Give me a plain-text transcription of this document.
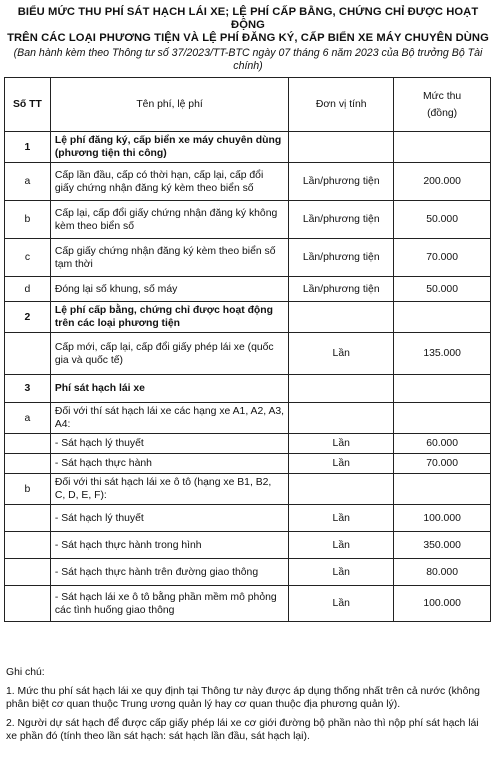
BIỂU MỨC THU PHÍ SÁT HẠCH LÁI XE; LỆ PHÍ CẤP BẰNG, CHỨNG CHỈ ĐƯỢC HOẠT ĐỘNG
TRÊN CÁC LOẠI PHƯƠNG TIỆN VÀ LỆ PHÍ ĐĂNG KÝ, CẤP BIỂN XE MÁY CHUYÊN DÙNG
(Ban hành kèm theo Thông tư số 37/2023/TT-BTC ngày 07 tháng 6 năm 2023 của Bộ trưởng Bộ Tài chính)
Số TT	Tên phí, lệ phí	Đơn vị tính	Mức thu
(đồng)

1	Lệ phí đăng ký, cấp biển xe máy chuyên dùng (phương tiện thi công)		
a	Cấp lần đầu, cấp có thời hạn, cấp lại, cấp đổi giấy chứng nhận đăng ký kèm theo biển số	Lần/phương tiện	200.000
b	Cấp lại, cấp đổi giấy chứng nhận đăng ký không kèm theo biển số	Lần/phương tiện	50.000
c	Cấp giấy chứng nhận đăng ký kèm theo biển số tạm thời	Lần/phương tiện	70.000
d	Đóng lại số khung, số máy	Lần/phương tiện	50.000
2	Lệ phí cấp bằng, chứng chỉ được hoạt động trên các loại phương tiện		
	Cấp mới, cấp lại, cấp đổi giấy phép lái xe (quốc gia và quốc tế)	Lần	135.000
3	Phí sát hạch lái xe		
a	Đối với thí sát hạch lái xe các hạng xe A1, A2, A3, A4:		
	- Sát hạch lý thuyết	Lần	60.000
	- Sát hạch thực hành	Lần	70.000
b	Đối với thi sát hạch lái xe ô tô (hạng xe B1, B2, C, D, E, F):		
	- Sát hạch lý thuyết	Lần	100.000
	- Sát hạch thực hành trong hình	Lần	350.000
	- Sát hạch thực hành trên đường giao thông	Lần	80.000
	- Sát hạch lái xe ô tô bằng phần mềm mô phỏng các tình huống giao thông	Lần	100.000

Ghi chú:

1. Mức thu phí sát hạch lái xe quy định tại Thông tư này được áp dụng thống nhất trên cả nước (không phân biệt cơ quan thuộc Trung ương quản lý hay cơ quan thuộc địa phương quản lý).

2. Người dự sát hạch để được cấp giấy phép lái xe cơ giới đường bộ phần nào thì nộp phí sát hạch lái xe phần đó (tính theo lần sát hạch: sát hạch lần đầu, sát hạch lại).
